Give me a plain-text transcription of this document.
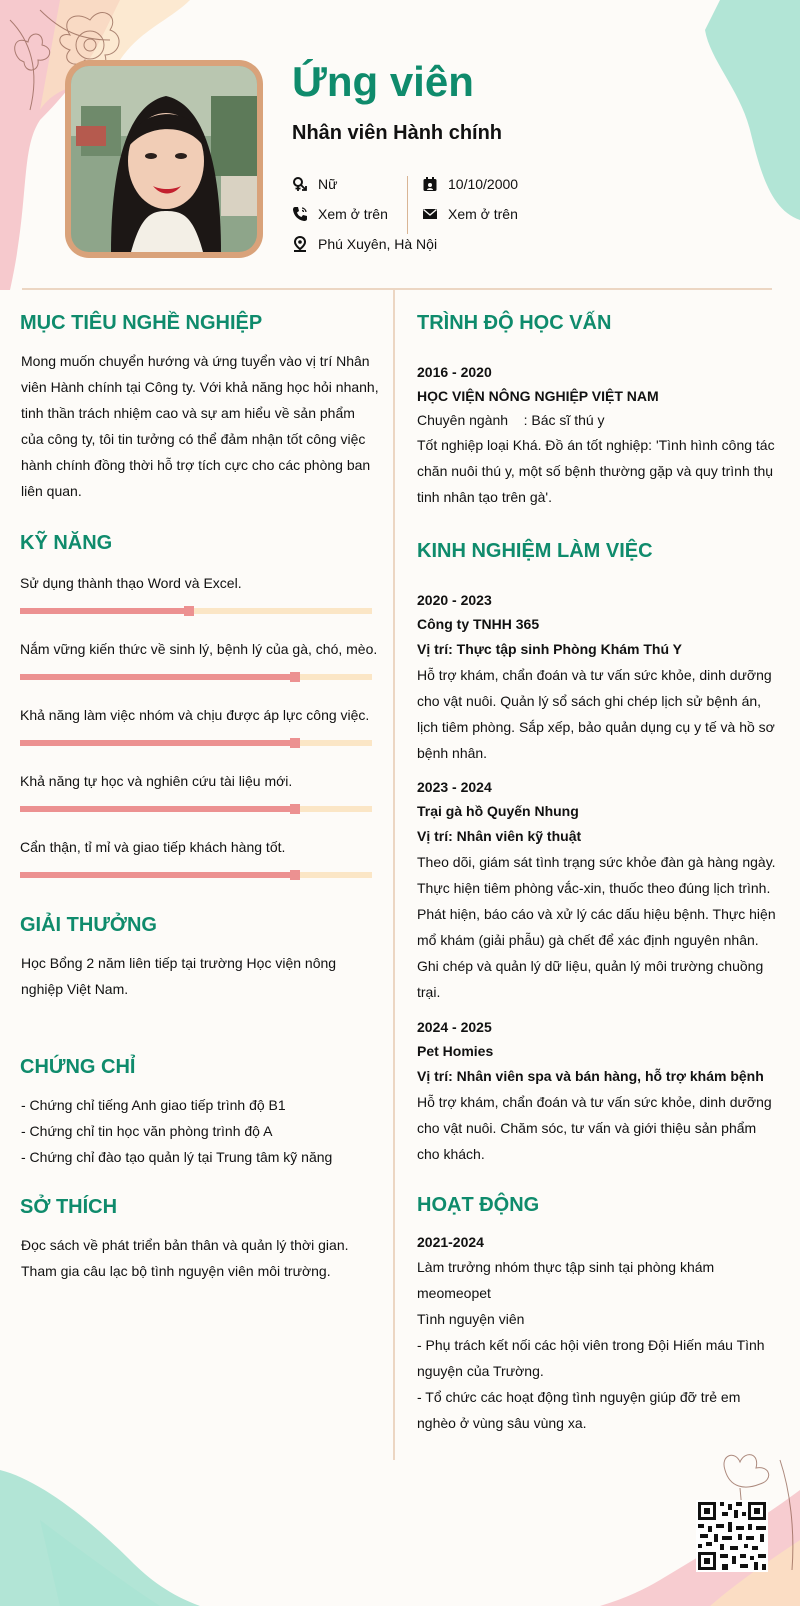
Ứng viên
Nhân viên Hành chính
Nữ
Xem ở trên
Phú Xuyên, Hà Nội
10/10/2000
Xem ở trên
MỤC TIÊU NGHỀ NGHIỆP
Mong muốn chuyển hướng và ứng tuyển vào vị trí Nhân
viên Hành chính tại Công ty. Với khả năng học hỏi nhanh,
tinh thần trách nhiệm cao và sự am hiểu về sản phẩm
của công ty, tôi tin tưởng có thể đảm nhận tốt công việc
hành chính đồng thời hỗ trợ tích cực cho các phòng ban
liên quan.
KỸ NĂNG
Sử dụng thành thạo Word và Excel.
Nắm vững kiến thức về sinh lý, bệnh lý của gà, chó, mèo.
Khả năng làm việc nhóm và chịu được áp lực công việc.
Khả năng tự học và nghiên cứu tài liệu mới.
Cẩn thận, tỉ mỉ và giao tiếp khách hàng tốt.
GIẢI THƯỞNG
Học Bổng 2 năm liên tiếp tại trường Học viện nông
nghiệp Việt Nam.
CHỨNG CHỈ
- Chứng chỉ tiếng Anh giao tiếp trình độ B1
- Chứng chỉ tin học văn phòng trình độ A
- Chứng chỉ đào tạo quản lý tại Trung tâm kỹ năng
SỞ THÍCH
Đọc sách về phát triển bản thân và quản lý thời gian.
Tham gia câu lạc bộ tình nguyện viên môi trường.
TRÌNH ĐỘ HỌC VẤN
2016 - 2020
HỌC VIỆN NÔNG NGHIỆP VIỆT NAM
Chuyên ngành    : Bác sĩ thú y
Tốt nghiệp loại Khá. Đồ án tốt nghiệp: 'Tình hình công tác
chăn nuôi thú y, một số bệnh thường gặp và quy trình thụ
tinh nhân tạo trên gà'.
KINH NGHIỆM LÀM VIỆC
2020 - 2023
Công ty TNHH 365
Vị trí: Thực tập sinh Phòng Khám Thú Y
Hỗ trợ khám, chẩn đoán và tư vấn sức khỏe, dinh dưỡng
cho vật nuôi. Quản lý sổ sách ghi chép lịch sử bệnh án,
lịch tiêm phòng. Sắp xếp, bảo quản dụng cụ y tế và hồ sơ
bệnh nhân.
2023 - 2024
Trại gà hồ Quyến Nhung
Vị trí: Nhân viên kỹ thuật
Theo dõi, giám sát tình trạng sức khỏe đàn gà hàng ngày.
Thực hiện tiêm phòng vắc-xin, thuốc theo đúng lịch trình.
Phát hiện, báo cáo và xử lý các dấu hiệu bệnh. Thực hiện
mổ khám (giải phẫu) gà chết để xác định nguyên nhân.
Ghi chép và quản lý dữ liệu, quản lý môi trường chuồng
trại.
2024 - 2025
Pet Homies
Vị trí: Nhân viên spa và bán hàng, hỗ trợ khám bệnh
Hỗ trợ khám, chẩn đoán và tư vấn sức khỏe, dinh dưỡng
cho vật nuôi. Chăm sóc, tư vấn và giới thiệu sản phẩm
cho khách.
HOẠT ĐỘNG
2021-2024
Làm trưởng nhóm thực tập sinh tại phòng khám
meomeopet
Tình nguyện viên
- Phụ trách kết nối các hội viên trong Đội Hiến máu Tình
nguyện của Trường.
- Tổ chức các hoạt động tình nguyện giúp đỡ trẻ em
nghèo ở vùng sâu vùng xa.
